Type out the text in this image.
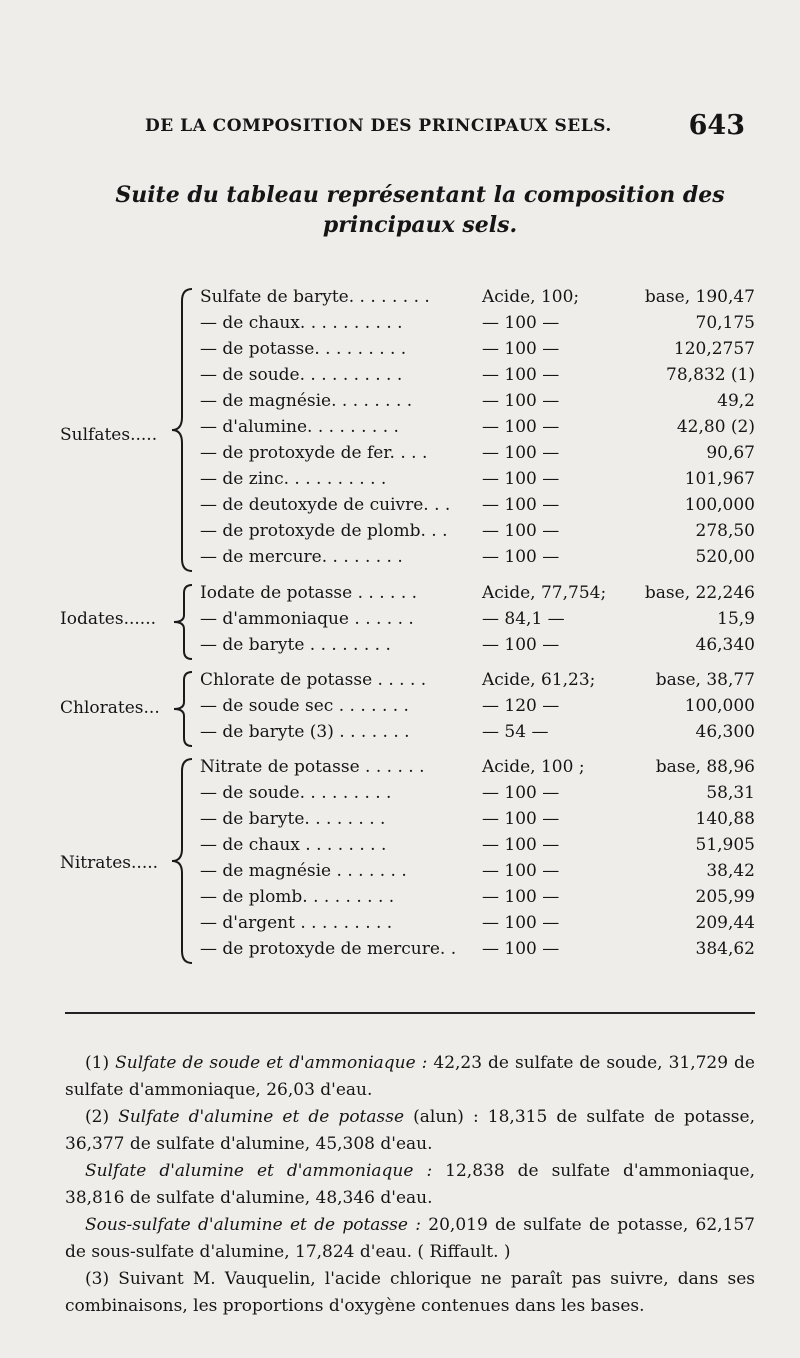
DE LA COMPOSITION DES PRINCIPAUX SELS.	643
Suite du tableau représentant la composition des principaux sels.
Sulfates.....
Sulfate de baryte. . . . . . . .	Acide, 100;	base, 190,47
— de chaux. . . . . . . . . .	— 100 —	70,175
— de potasse. . . . . . . . .	— 100 —	120,2757
— de soude. . . . . . . . . .	— 100 —	78,832 (1)
— de magnésie. . . . . . . .	— 100 —	49,2
— d'alumine. . . . . . . . .	— 100 —	42,80 (2)
— de protoxyde de fer. . . .	— 100 —	90,67
— de zinc. . . . . . . . . .	— 100 —	101,967
— de deutoxyde de cuivre. . . — 100 —	100,000
— de protoxyde de plomb. . . — 100 —	278,50
— de mercure. . . . . . . .	— 100 —	520,00
Iodates......
Iodate de potasse . . . . . .	Acide, 77,754; base, 22,246
— d'ammoniaque . . . . . .	— 84,1 —	15,9
— de baryte . . . . . . . .	— 100 —	46,340
Chlorates...
Chlorate de potasse . . . . .	Acide, 61,23;	base, 38,77
— de soude sec . . . . . . .	— 120 —	100,000
— de baryte (3) . . . . . . .	— 54 —	46,300
Nitrates.....
Nitrate de potasse . . . . . .	Acide, 100 ;	base, 88,96
— de soude. . . . . . . . .	— 100 —	58,31
— de baryte. . . . . . . .	— 100 —	140,88
— de chaux . . . . . . . .	— 100 —	51,905
— de magnésie . . . . . . .	— 100 —	38,42
— de plomb. . . . . . . . .	— 100 —	205,99
— d'argent . . . . . . . . .	— 100 —	209,44
— de protoxyde de mercure. . — 100 —	384,62

(1) Sulfate de soude et d'ammoniaque : 42,23 de sulfate de soude, 31,729 de sulfate d'ammoniaque, 26,03 d'eau.

(2) Sulfate d'alumine et de potasse (alun) : 18,315 de sulfate de potasse, 36,377 de sulfate d'alumine, 45,308 d'eau.

Sulfate d'alumine et d'ammoniaque : 12,838 de sulfate d'ammoniaque, 38,816 de sulfate d'alumine, 48,346 d'eau.

Sous-sulfate d'alumine et de potasse : 20,019 de sulfate de potasse, 62,157 de sous-sulfate d'alumine, 17,824 d'eau. ( Riffault. )

(3) Suivant M. Vauquelin, l'acide chlorique ne paraît pas suivre, dans ses combinaisons, les proportions d'oxygène contenues dans les bases.
